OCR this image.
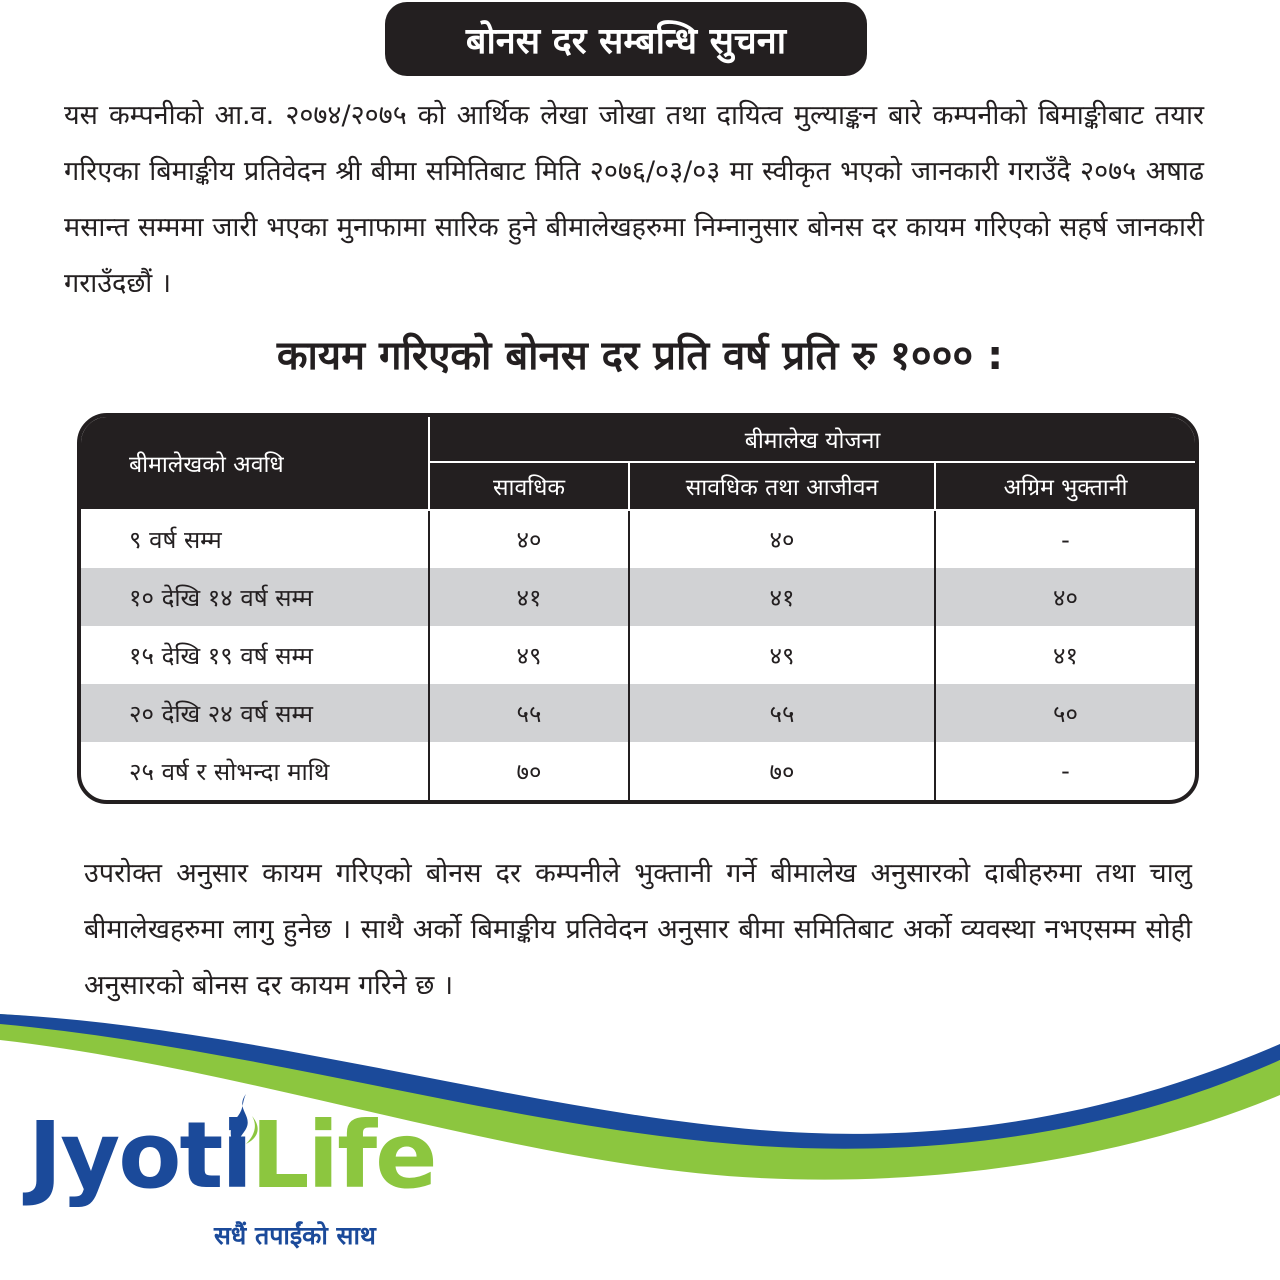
बोनस दर सम्बन्धि सुचना

यस कम्पनीको आ.व. २०७४/२०७५ को आर्थिक लेखा जोखा तथा दायित्व मुल्याङ्कन बारे कम्पनीको बिमाङ्कीबाट तयार गरिएका बिमाङ्कीय प्रतिवेदन श्री बीमा समितिबाट मिति २०७६/०३/०३ मा स्वीकृत भएको जानकारी गराउँदै २०७५ अषाढ मसान्त सम्ममा जारी भएका मुनाफामा सारिक हुने बीमालेखहरुमा निम्नानुसार बोनस दर कायम गरिएको सहर्ष जानकारी गराउँदछौं ।

कायम गरिएको बोनस दर प्रति वर्ष प्रति रु १००० :
बीमालेखको अवधि	बीमालेख योजना		
	सावधिक	सावधिक तथा आजीवन	अग्रिम भुक्तानी
९ वर्ष सम्म	४०	४०	-
१० देखि १४ वर्ष सम्म	४१	४१	४०
१५ देखि १९ वर्ष सम्म	४९	४९	४१
२० देखि २४ वर्ष सम्म	५५	५५	५०
२५ वर्ष र सोभन्दा माथि	७०	७०	-

उपरोक्त अनुसार कायम गरिएको बोनस दर कम्पनीले भुक्तानी गर्ने बीमालेख अनुसारको दाबीहरुमा तथा चालु बीमालेखहरुमा लागु हुनेछ । साथै अर्को बिमाङ्कीय प्रतिवेदन अनुसार बीमा समितिबाट अर्को व्यवस्था नभएसम्म सोही अनुसारको बोनस दर कायम गरिने छ ।

JyotiLife
सधैं तपाईंको साथ
